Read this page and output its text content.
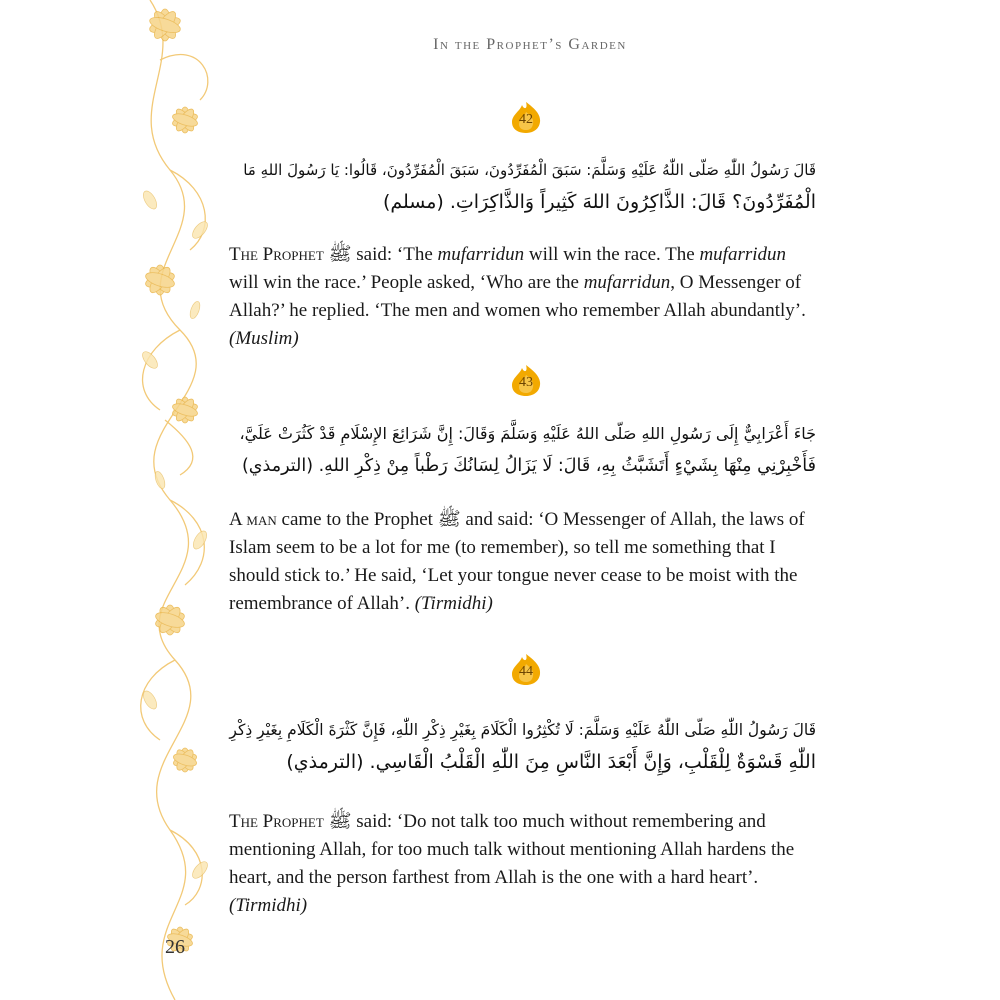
In the Prophet’s Garden
42
قَالَ رَسُولُ اللّٰهِ صَلّى اللّٰهُ عَلَيْهِ وَسَلَّمَ: سَبَقَ الْمُفَرِّدُونَ، سَبَقَ الْمُفَرِّدُونَ، قَالُوا: يَا رَسُولَ اللهِ مَا
الْمُفَرِّدُونَ؟ قَالَ: الذَّاكِرُونَ اللهَ كَثِيراً وَالذَّاكِرَاتِ. (مسلم)
The Prophet ﷺ said: ‘The mufarridun will win the race. The mufarridun will win the race.’ People asked, ‘Who are the mufarridun, O Messenger of Allah?’ he replied. ‘The men and women who remember Allah abundantly’. (Muslim)
43
جَاءَ أَعْرَابِيٌّ إِلَى رَسُولِ اللهِ صَلّى اللهُ عَلَيْهِ وَسَلَّمَ وَقَالَ: إِنَّ شَرَائِعَ الإِسْلَامِ قَدْ كَثُرَتْ عَلَيَّ،
فَأَخْبِرْنِي مِنْهَا بِشَيْءٍ أَتَشَبَّثُ بِهِ، قَالَ: لَا يَزَالُ لِسَانُكَ رَطْباً مِنْ ذِكْرِ اللهِ. (الترمذي)
A man came to the Prophet ﷺ and said: ‘O Messenger of Allah, the laws of Islam seem to be a lot for me (to remember), so tell me something that I should stick to.’ He said, ‘Let your tongue never cease to be moist with the remembrance of Allah’. (Tirmidhi)
44
قَالَ رَسُولُ اللّٰهِ صَلّى اللّٰهُ عَلَيْهِ وَسَلَّمَ: لَا تُكْثِرُوا الْكَلَامَ بِغَيْرِ ذِكْرِ اللّٰهِ، فَإِنَّ كَثْرَةَ الْكَلَامِ بِغَيْرِ ذِكْرِ
اللّٰهِ قَسْوَةٌ لِلْقَلْبِ، وَإِنَّ أَبْعَدَ النَّاسِ مِنَ اللّٰهِ الْقَلْبُ الْقَاسِي. (الترمذي)
The Prophet ﷺ said: ‘Do not talk too much without remembering and mentioning Allah, for too much talk without mentioning Allah hardens the heart, and the person farthest from Allah is the one with a hard heart’. (Tirmidhi)
26
